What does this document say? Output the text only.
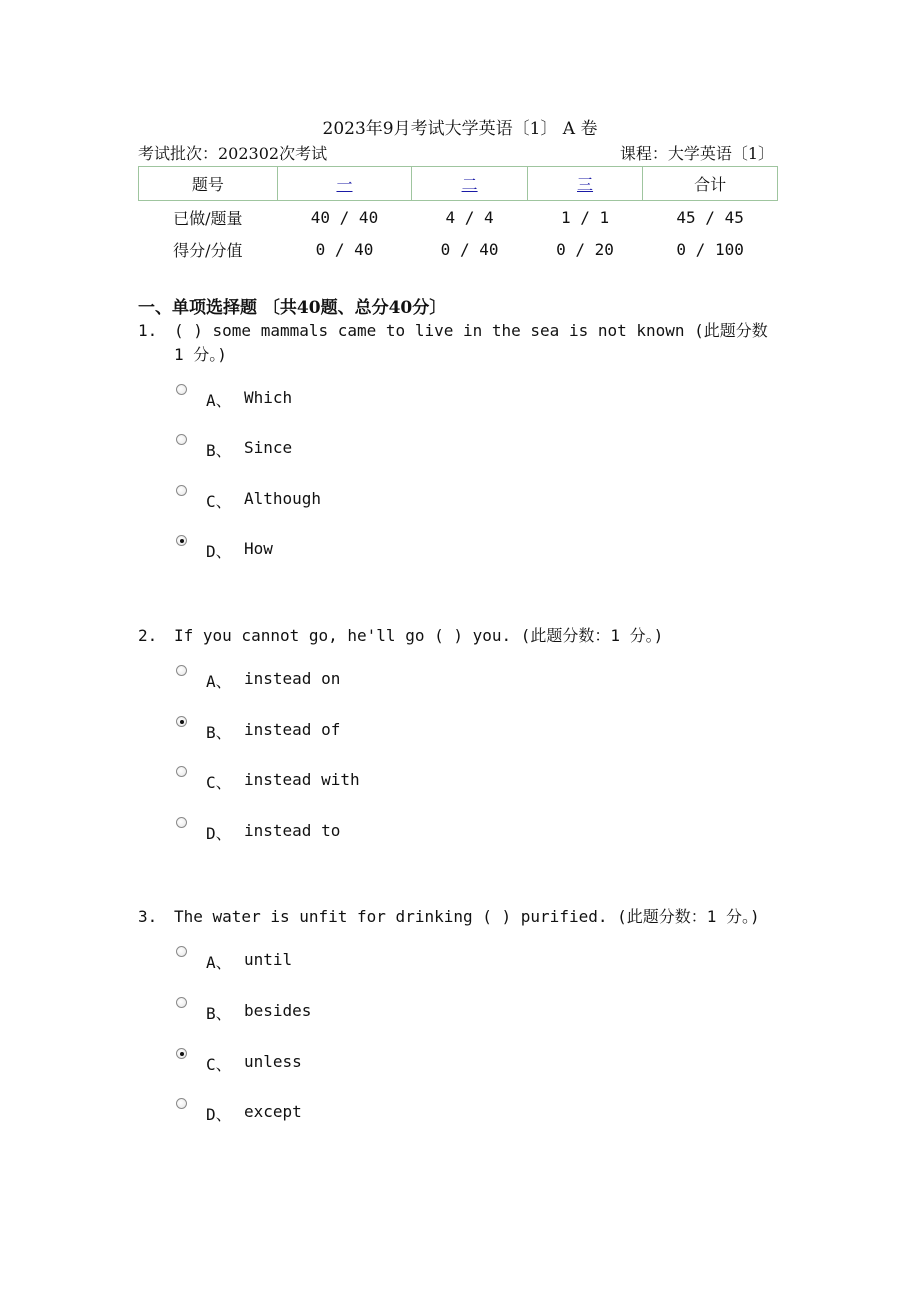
2023年9月考试大学英语〔1〕 A 卷
考试批次：202302次考试	课程：大学英语〔1〕
题号	一	二	三	合计
已做/题量	40 / 40	4 / 4	1 / 1	45 / 45
得分/分值	0 / 40	0 / 40	0 / 20	0 / 100
一、单项选择题 〔共40题、总分40分〕
1. ( ) some mammals came to live in the sea is not known (此题分数
1 分。)
A、 Which
B、 Since
C、 Although
D、 How
2. If you cannot go, he'll go ( ) you. (此题分数：1 分。)
A、 instead on
B、 instead of
C、 instead with
D、 instead to
3. The water is unfit for drinking ( ) purified. (此题分数：1 分。)
A、 until
B、 besides
C、 unless
D、 except
